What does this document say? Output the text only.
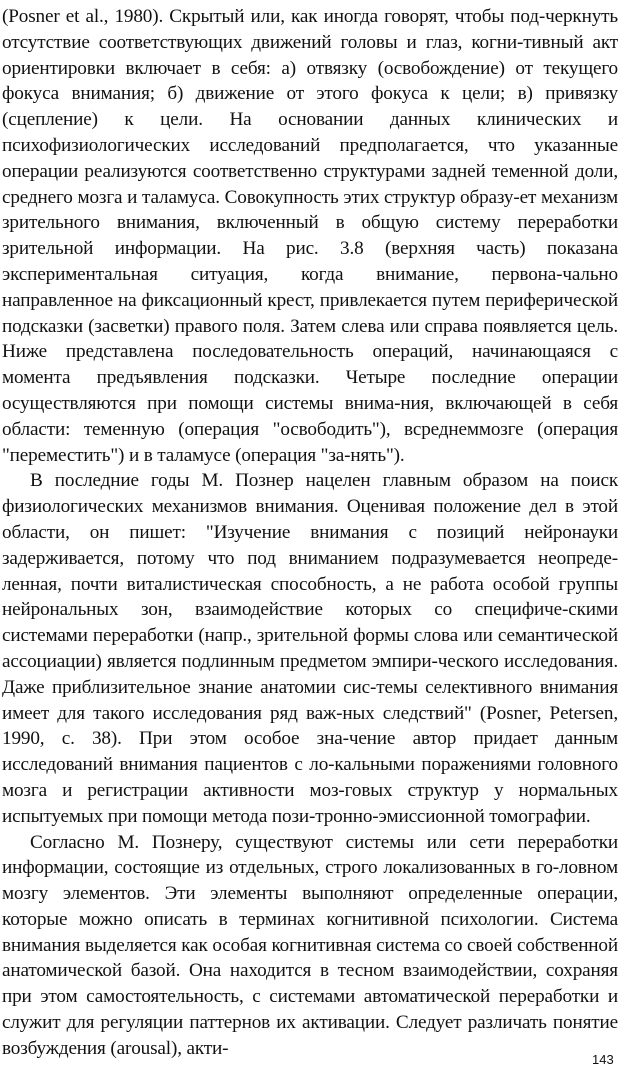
(Posner et al., 1980). Скрытый или, как иногда говорят, чтобы под-черкнуть отсутствие соответствующих движений головы и глаз, когни-тивный акт ориентировки включает в себя: а) отвязку (освобождение) от текущего фокуса внимания; б) движение от этого фокуса к цели; в) привязку (сцепление) к цели. На основании данных клинических и психофизиологических исследований предполагается, что указанные операции реализуются соответственно структурами задней теменной доли, среднего мозга и таламуса. Совокупность этих структур образу-ет механизм зрительного внимания, включенный в общую систему переработки зрительной информации. На рис. 3.8 (верхняя часть) показана экспериментальная ситуация, когда внимание, первона-чально направленное на фиксационный крест, привлекается путем периферической подсказки (засветки) правого поля. Затем слева или справа появляется цель. Ниже представлена последовательность операций, начинающаяся с момента предъявления подсказки. Четыре последние операции осуществляются при помощи системы внима-ния, включающей в себя области: теменную (операция "освободить"), всреднеммозге (операция "переместить") и в таламусе (операция "за-нять").

В последние годы М. Познер нацелен главным образом на поиск физиологических механизмов внимания. Оценивая положение дел в этой области, он пишет: "Изучение внимания с позиций нейронауки задерживается, потому что под вниманием подразумевается неопреде-ленная, почти виталистическая способность, а не работа особой группы нейрональных зон, взаимодействие которых со специфиче-скими системами переработки (напр., зрительной формы слова или семантической ассоциации) является подлинным предметом эмпири-ческого исследования. Даже приблизительное знание анатомии сис-темы селективного внимания имеет для такого исследования ряд важ-ных следствий" (Posner, Petersen, 1990, с. 38). При этом особое зна-чение автор придает данным исследований внимания пациентов с ло-кальными поражениями головного мозга и регистрации активности моз-говых структур у нормальных испытуемых при помощи метода пози-тронно-эмиссионной томографии.

Согласно М. Познеру, существуют системы или сети переработки информации, состоящие из отдельных, строго локализованных в го-ловном мозгу элементов. Эти элементы выполняют определенные операции, которые можно описать в терминах когнитивной психологии. Система внимания выделяется как особая когнитивная система со своей собственной анатомической базой. Она находится в тесном взаимодействии, сохраняя при этом самостоятельность, с системами автоматической переработки и служит для регуляции паттернов их активации. Следует различать понятие возбуждения (arousal), акти-

143
